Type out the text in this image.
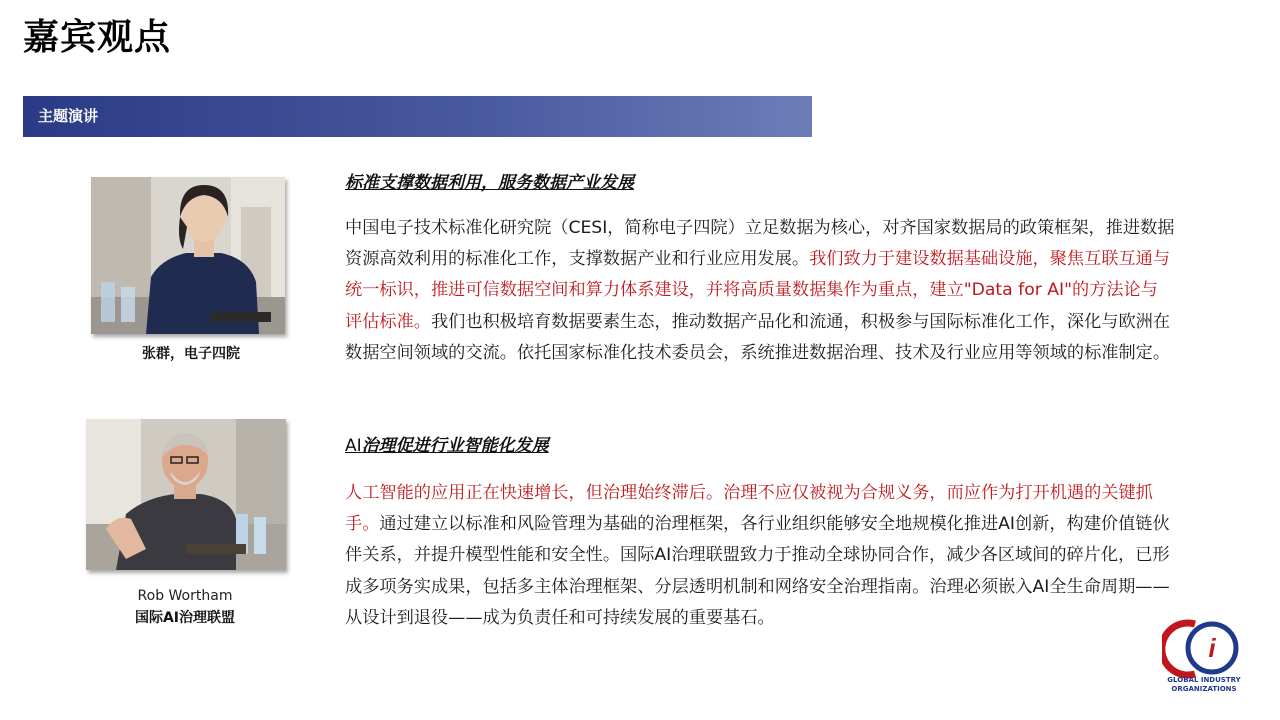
嘉宾观点
主题演讲
张群，电子四院
标准支撑数据利用，服务数据产业发展
中国电子技术标准化研究院（CESI，简称电子四院）立足数据为核心，对齐国家数据局的政策框架，推进数据资源高效利用的标准化工作，支撑数据产业和行业应用发展。我们致力于建设数据基础设施，聚焦互联互通与统一标识，推进可信数据空间和算力体系建设，并将高质量数据集作为重点，建立"Data for AI"的方法论与评估标准。我们也积极培育数据要素生态，推动数据产品化和流通，积极参与国际标准化工作，深化与欧洲在数据空间领域的交流。依托国家标准化技术委员会，系统推进数据治理、技术及行业应用等领域的标准制定。
Rob Wortham
国际AI治理联盟
AI治理促进行业智能化发展
人工智能的应用正在快速增长，但治理始终滞后。治理不应仅被视为合规义务，而应作为打开机遇的关键抓手。通过建立以标准和风险管理为基础的治理框架，各行业组织能够安全地规模化推进AI创新，构建价值链伙伴关系，并提升模型性能和安全性。国际AI治理联盟致力于推动全球协同合作，减少各区域间的碎片化，已形成多项务实成果，包括多主体治理框架、分层透明机制和网络安全治理指南。治理必须嵌入AI全生命周期——从设计到退役——成为负责任和可持续发展的重要基石。
i
GLOBAL INDUSTRY
ORGANIZATIONS
